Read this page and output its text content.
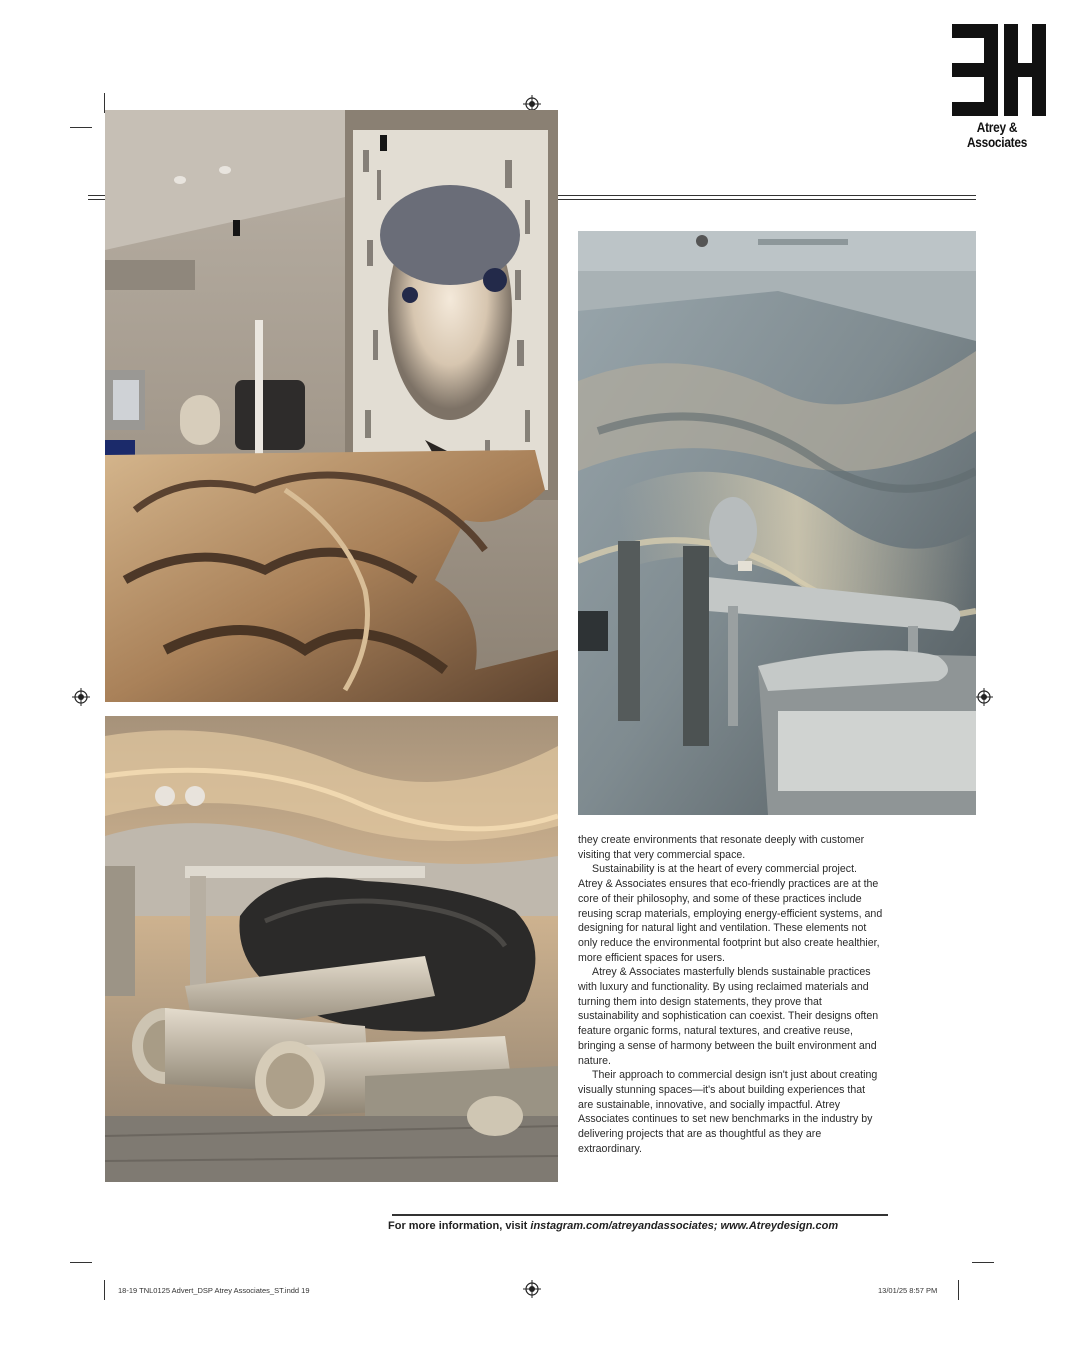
Atrey & Associates

they create environments that resonate deeply with customer visiting that very commercial space.

Sustainability is at the heart of every commercial project. Atrey & Associates ensures that eco-friendly practices are at the core of their philosophy, and some of these practices include reusing scrap materials, employing energy-efficient systems, and designing for natural light and ventilation. These elements not only reduce the environmental footprint but also create healthier, more efficient spaces for users.

Atrey & Associates masterfully blends sustainable practices with luxury and functionality. By using reclaimed materials and turning them into design statements, they prove that sustainability and sophistication can coexist. Their designs often feature organic forms, natural textures, and creative reuse, bringing a sense of harmony between the built environment and nature.

Their approach to commercial design isn't just about creating visually stunning spaces—it's about building experiences that are sustainable, innovative, and socially impactful. Atrey Associates continues to set new benchmarks in the industry by delivering projects that are as thoughtful as they are extraordinary.

For more information, visit instagram.com/atreyandassociates; www.Atreydesign.com
18-19 TNL0125 Advert_DSP Atrey Associates_ST.indd 19	13/01/25 8:57 PM
